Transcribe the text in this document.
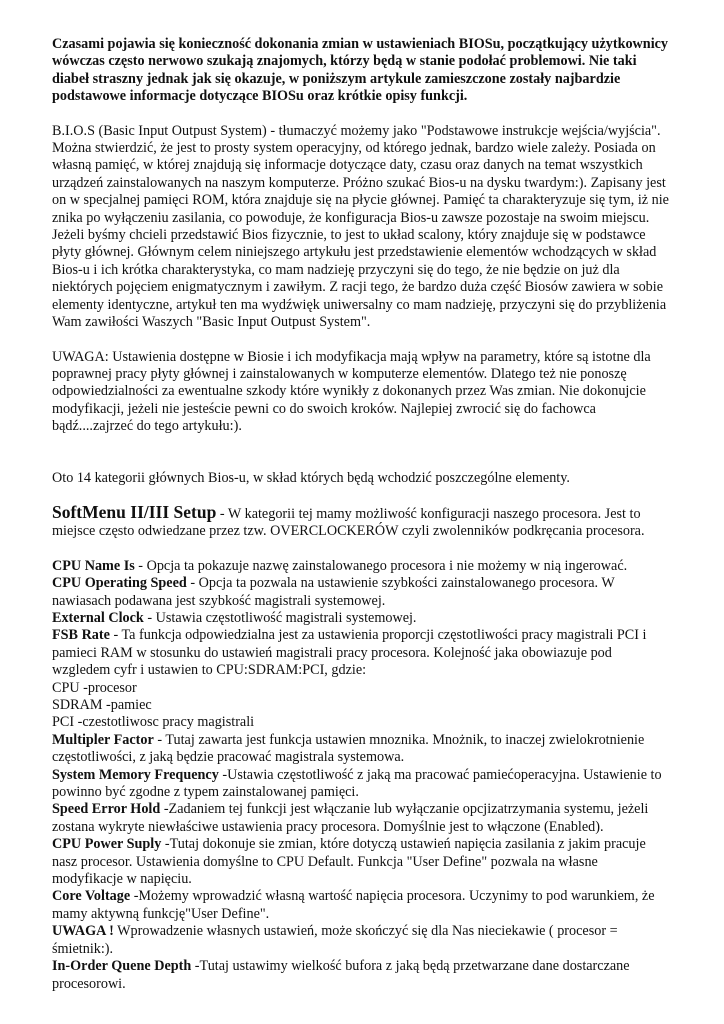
Czasami pojawia się konieczność dokonania zmian w ustawieniach BIOSu, początkujący użytkownicy wówczas często nerwowo szukają znajomych, którzy będą w stanie podołać problemowi. Nie taki diabeł straszny jednak jak się okazuje, w poniższym artykule zamieszczone zostały najbardzie podstawowe informacje dotyczące BIOSu oraz krótkie opisy funkcji.

B.I.O.S (Basic Input Outpust System) - tłumaczyć możemy jako "Podstawowe instrukcje wejścia/wyjścia". Można stwierdzić, że jest to prosty system operacyjny, od którego jednak, bardzo wiele zależy. Posiada on własną pamięć, w której znajdują się informacje dotyczące daty, czasu oraz danych na temat wszystkich urządzeń zainstalowanych na naszym komputerze. Próżno szukać Bios-u na dysku twardym:). Zapisany jest on w specjalnej pamięci ROM, która znajduje się na płycie głównej. Pamięć ta charakteryzuje się tym, iż nie znika po wyłączeniu zasilania, co powoduje, że konfiguracja Bios-u zawsze pozostaje na swoim miejscu. Jeżeli byśmy chcieli przedstawić Bios fizycznie, to jest to układ scalony, który znajduje się w podstawce płyty głównej. Głównym celem niniejszego artykułu jest przedstawienie elementów wchodzących w skład Bios-u i ich krótka charakterystyka, co mam nadzieję przyczyni się do tego, że nie będzie on już dla niektórych pojęciem enigmatycznym i zawiłym. Z racji tego, że bardzo duża część Biosów zawiera w sobie elementy identyczne, artykuł ten ma wydźwięk uniwersalny co mam nadzieję, przyczyni się do przybliżenia Wam zawiłości Waszych "Basic Input Outpust System".

UWAGA: Ustawienia dostępne w Biosie i ich modyfikacja mają wpływ na parametry, które są istotne dla poprawnej pracy płyty głównej i zainstalowanych w komputerze elementów. Dlatego też nie ponoszę odpowiedzialności za ewentualne szkody które wynikły z dokonanych przez Was zmian. Nie dokonujcie modyfikacji, jeżeli nie jesteście pewni co do swoich kroków. Najlepiej zwrocić się do fachowca bądź....zajrzeć do tego artykułu:).

Oto 14 kategorii głównych Bios-u, w skład których będą wchodzić poszczególne elementy.

SoftMenu II/III Setup - W kategorii tej mamy możliwość konfiguracji naszego procesora. Jest to miejsce często odwiedzane przez tzw. OVERCLOCKERÓW czyli zwolenników podkręcania procesora.

CPU Name Is - Opcja ta pokazuje nazwę zainstalowanego procesora i nie możemy w nią ingerować.

CPU Operating Speed - Opcja ta pozwala na ustawienie szybkości zainstalowanego procesora. W nawiasach podawana jest szybkość magistrali systemowej.

External Clock - Ustawia częstotliwość magistrali systemowej.

FSB Rate - Ta funkcja odpowiedzialna jest za ustawienia proporcji częstotliwości pracy magistrali PCI i pamieci RAM w stosunku do ustawień magistrali pracy procesora. Kolejność jaka obowiazuje pod wzgledem cyfr i ustawien to CPU:SDRAM:PCI, gdzie:

CPU -procesor
SDRAM -pamiec
PCI -czestotliwosc pracy magistrali

Multipler Factor - Tutaj zawarta jest funkcja ustawien mnoznika. Mnożnik, to inaczej zwielokrotnienie częstotliwości, z jaką będzie pracować magistrala systemowa.

System Memory Frequency -Ustawia częstotliwość z jaką ma pracować pamiećoperacyjna. Ustawienie to powinno być zgodne z typem zainstalowanej pamięci.

Speed Error Hold -Zadaniem tej funkcji jest włączanie lub wyłączanie opcjizatrzymania systemu, jeżeli zostana wykryte niewłaściwe ustawienia pracy procesora. Domyślnie jest to włączone (Enabled).

CPU Power Suply -Tutaj dokonuje sie zmian, które dotyczą ustawień napięcia zasilania z jakim pracuje nasz procesor. Ustawienia domyślne to CPU Default. Funkcja "User Define" pozwala na własne modyfikacje w napięciu.

Core Voltage -Możemy wprowadzić własną wartość napięcia procesora. Uczynimy to pod warunkiem, że mamy aktywną funkcję"User Define".

UWAGA ! Wprowadzenie własnych ustawień, może skończyć się dla Nas nieciekawie ( procesor = śmietnik:).

In-Order Quene Depth -Tutaj ustawimy wielkość bufora z jaką będą przetwarzane dane dostarczane procesorowi.
